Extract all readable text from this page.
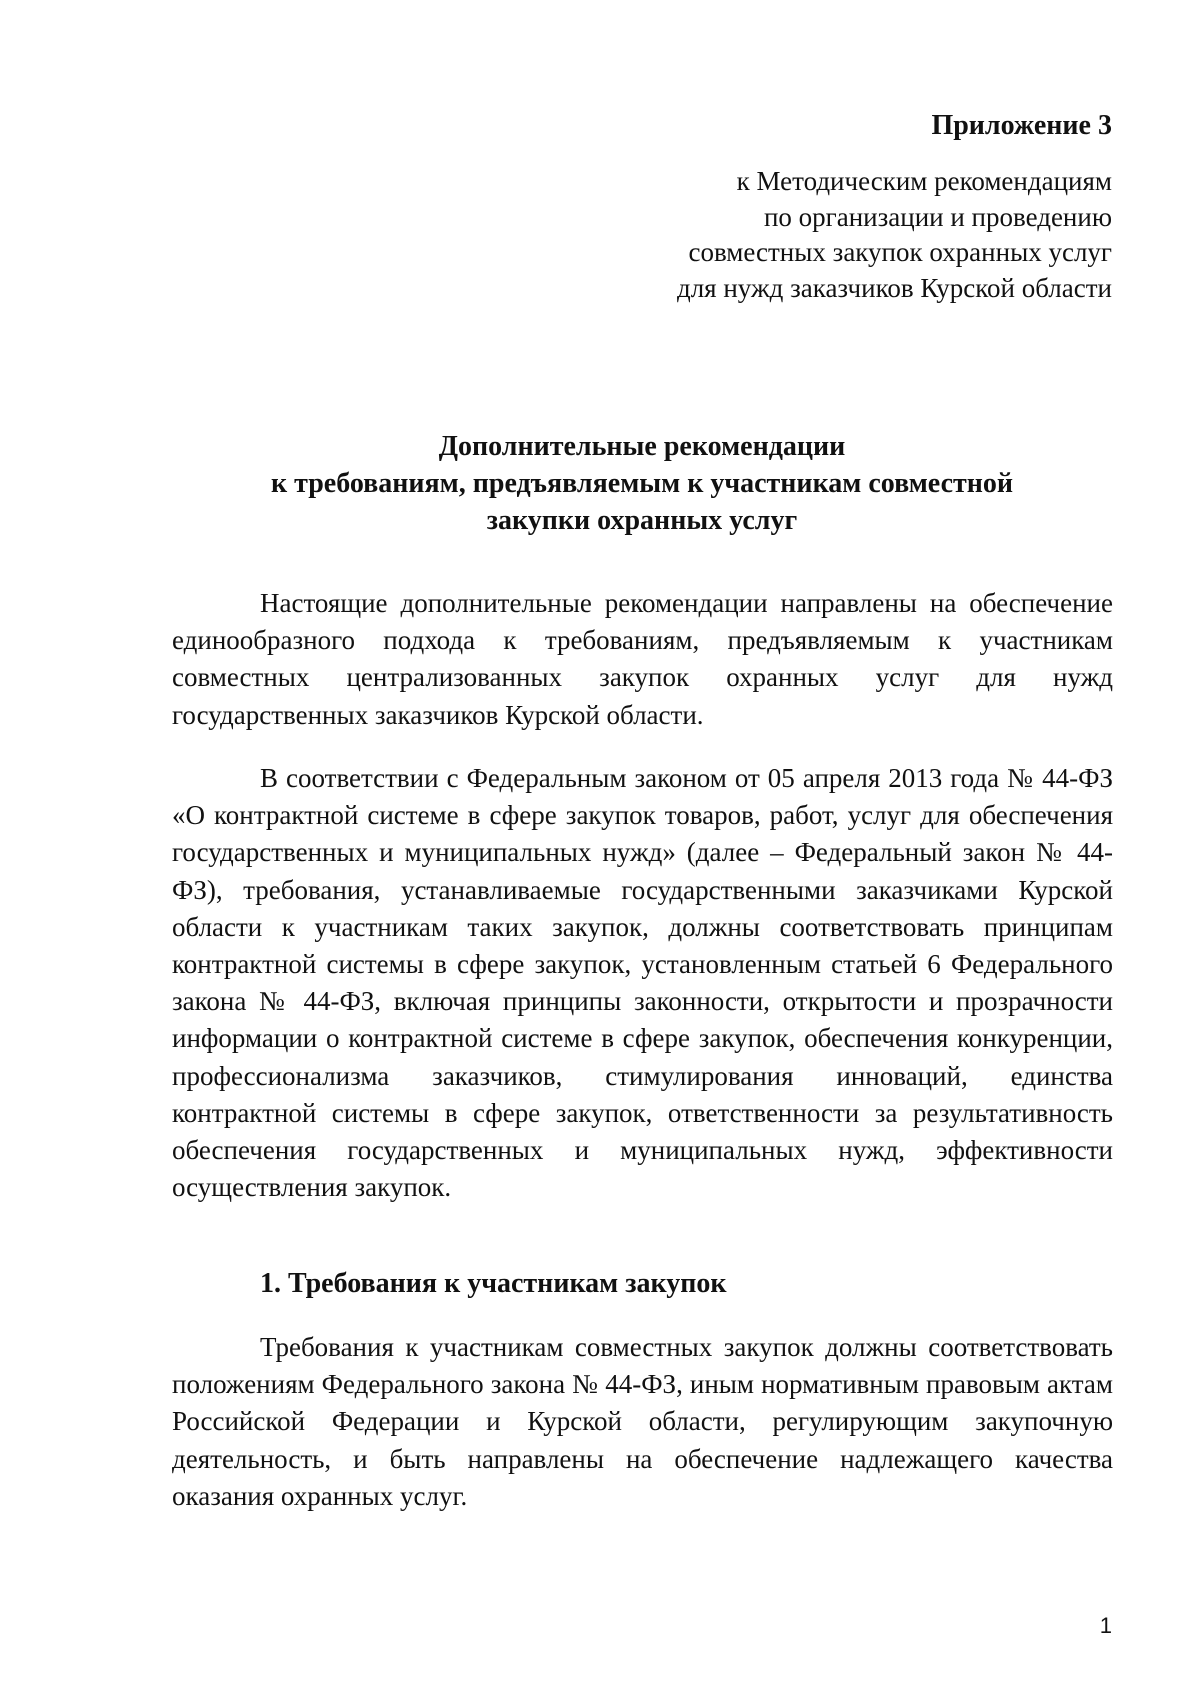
Приложение 3

к Методическим рекомендациям

по организации и проведению

совместных закупок охранных услуг

для нужд заказчиков Курской области

Дополнительные рекомендации

к требованиям, предъявляемым к участникам совместной

закупки охранных услуг

Настоящие дополнительные рекомендации направлены на обеспечение единообразного подхода к требованиям, предъявляемым к участникам совместных централизованных закупок охранных услуг для нужд государственных заказчиков Курской области.

В соответствии с Федеральным законом от 05 апреля 2013 года № 44-ФЗ «О контрактной системе в сфере закупок товаров, работ, услуг для обеспечения государственных и муниципальных нужд» (далее – Федеральный закон № 44-ФЗ), требования, устанавливаемые государственными заказчиками Курской области к участникам таких закупок, должны соответствовать принципам контрактной системы в сфере закупок, установленным статьей 6 Федерального закона № 44-ФЗ, включая принципы законности, открытости и прозрачности информации о контрактной системе в сфере закупок, обеспечения конкуренции, профессионализма заказчиков, стимулирования инноваций, единства контрактной системы в сфере закупок, ответственности за результативность обеспечения государственных и муниципальных нужд, эффективности осуществления закупок.

1. Требования к участникам закупок

Требования к участникам совместных закупок должны соответствовать положениям Федерального закона № 44-ФЗ, иным нормативным правовым актам Российской Федерации и Курской области, регулирующим закупочную деятельность, и быть направлены на обеспечение надлежащего качества оказания охранных услуг.

1
